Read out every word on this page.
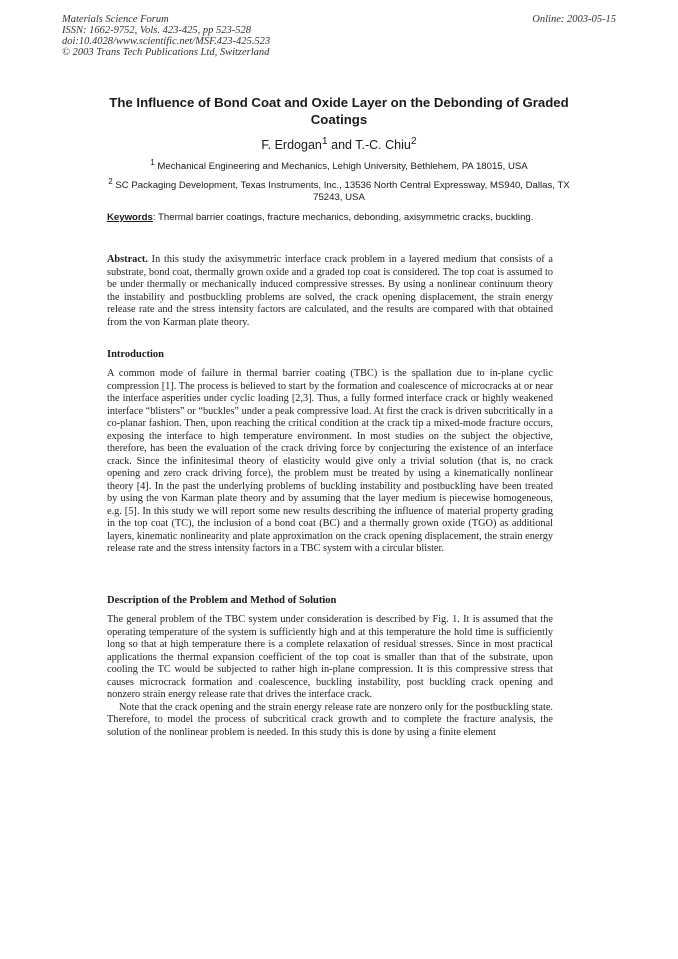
Materials Science Forum
ISSN: 1662-9752, Vols. 423-425, pp 523-528
doi:10.4028/www.scientific.net/MSF.423-425.523
© 2003 Trans Tech Publications Ltd, Switzerland
Online: 2003-05-15
The Influence of Bond Coat and Oxide Layer on the Debonding of Graded Coatings
F. Erdogan$^1$ and T.-C. Chiu$^2$
$^1$ Mechanical Engineering and Mechanics, Lehigh University, Bethlehem, PA 18015, USA
$^2$ SC Packaging Development, Texas Instruments, Inc., 13536 North Central Expressway, MS940, Dallas, TX 75243, USA
Keywords: Thermal barrier coatings, fracture mechanics, debonding, axisymmetric cracks, buckling.

Abstract. In this study the axisymmetric interface crack problem in a layered medium that consists of a substrate, bond coat, thermally grown oxide and a graded top coat is considered. The top coat is assumed to be under thermally or mechanically induced compressive stresses. By using a nonlinear continuum theory the instability and postbuckling problems are solved, the crack opening displacement, the strain energy release rate and the stress intensity factors are calculated, and the results are compared with that obtained from the von Karman plate theory.

Introduction

A common mode of failure in thermal barrier coating (TBC) is the spallation due to in-plane cyclic compression [1]. The process is believed to start by the formation and coalescence of microcracks at or near the interface asperities under cyclic loading [2,3]. Thus, a fully formed interface crack or highly weakened interface “blisters” or “buckles” under a peak compressive load. At first the crack is driven subcritically in a co-planar fashion. Then, upon reaching the critical condition at the crack tip a mixed-mode fracture occurs, exposing the interface to high temperature environment. In most studies on the subject the objective, therefore, has been the evaluation of the crack driving force by conjecturing the existence of an interface crack. Since the infinitesimal theory of elasticity would give only a trivial solution (that is, no crack opening and zero crack driving force), the problem must be treated by using a kinematically nonlinear theory [4]. In the past the underlying problems of buckling instability and postbuckling have been treated by using the von Karman plate theory and by assuming that the layer medium is piecewise homogeneous, e.g. [5]. In this study we will report some new results describing the influence of material property grading in the top coat (TC), the inclusion of a bond coat (BC) and a thermally grown oxide (TGO) as additional layers, kinematic nonlinearity and plate approximation on the crack opening displacement, the strain energy release rate and the stress intensity factors in a TBC system with a circular blister.

Description of the Problem and Method of Solution

The general problem of the TBC system under consideration is described by Fig. 1. It is assumed that the operating temperature of the system is sufficiently high and at this temperature the hold time is sufficiently long so that at high temperature there is a complete relaxation of residual stresses. Since in most practical applications the thermal expansion coefficient of the top coat is smaller than that of the substrate, upon cooling the TC would be subjected to rather high in-plane compression. It is this compressive stress that causes microcrack formation and coalescence, buckling instability, post buckling crack opening and nonzero strain energy release rate that drives the interface crack.

Note that the crack opening and the strain energy release rate are nonzero only for the postbuckling state. Therefore, to model the process of subcritical crack growth and to complete the fracture analysis, the solution of the nonlinear problem is needed. In this study this is done by using a finite element
